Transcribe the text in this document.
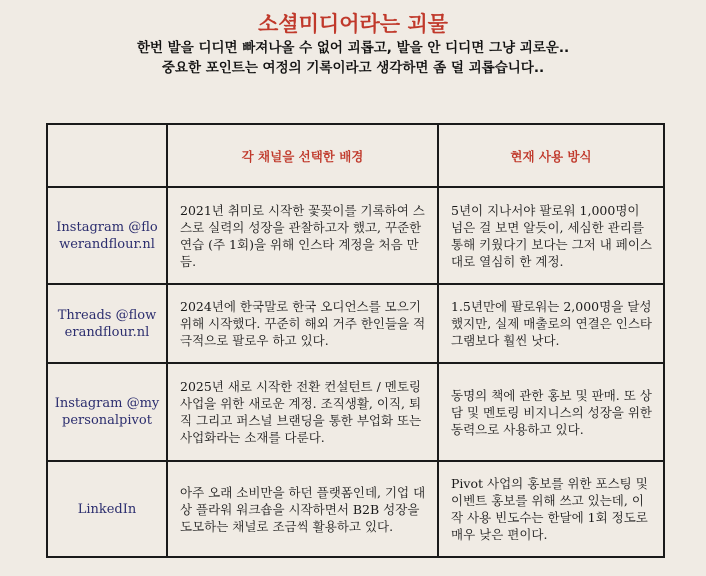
소셜미디어라는 괴물
한번 발을 디디면 빠져나올 수 없어 괴롭고, 발을 안 디디면 그냥 괴로운..
중요한 포인트는 여정의 기록이라고 생각하면 좀 덜 괴롭습니다..
	각 채널을 선택한 배경	현재 사용 방식
Instagram @flowerandflour.nl	2021년 취미로 시작한 꽃꽂이를 기록하여 스스로 실력의 성장을 관찰하고자 했고, 꾸준한 연습 (주 1회)을 위해 인스타 계정을 처음 만듬.	5년이 지나서야 팔로워 1,000명이 넘은 걸 보면 알듯이, 세심한 관리를 통해 키웠다기 보다는 그저 내 페이스대로 열심히 한 계정.
Threads @flowerandflour.nl	2024년에 한국말로 한국 오디언스를 모으기 위해 시작했다. 꾸준히 해외 거주 한인들을 적극적으로 팔로우 하고 있다.	1.5년만에 팔로워는 2,000명을 달성했지만, 실제 매출로의 연결은 인스타그램보다 훨씬 낫다.
Instagram @mypersonalpivot	2025년 새로 시작한 전환 컨설턴트 / 멘토링 사업을 위한 새로운 계정. 조직생활, 이직, 퇴직 그리고 퍼스널 브랜딩을 통한 부업화 또는 사업화라는 소재를 다룬다.	동명의 책에 관한 홍보 및 판매. 또 상담 및 멘토링 비지니스의 성장을 위한 동력으로 사용하고 있다.
LinkedIn	아주 오래 소비만을 하던 플랫폼인데, 기업 대상 플라워 워크숍을 시작하면서 B2B 성장을 도모하는 채널로 조금씩 활용하고 있다.	Pivot 사업의 홍보를 위한 포스팅 및 이벤트 홍보를 위해 쓰고 있는데, 이작 사용 빈도수는 한달에 1회 정도로 매우 낮은 편이다.
